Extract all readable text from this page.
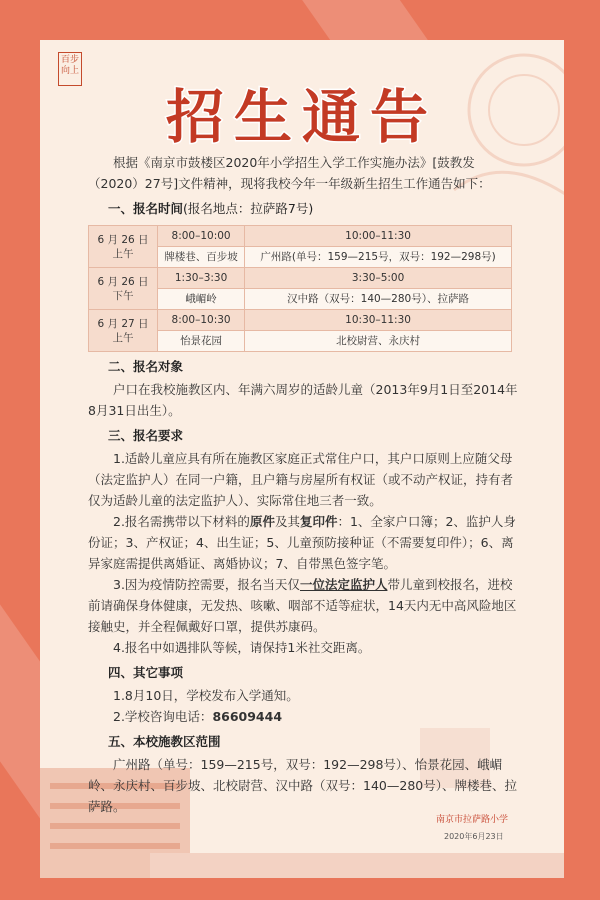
百步向上
招生通告

根据《南京市鼓楼区2020年小学招生入学工作实施办法》[鼓教发（2020）27号]文件精神，现将我校今年一年级新生招生工作通告如下：

一、报名时间(报名地点：拉萨路7号)
6 月 26 日
上午	8:00–10:00	10:00–11:30
	牌楼巷、百步坡	广州路(单号：159—215号，双号：192—298号)
6 月 26 日
下午	1:30–3:30	3:30–5:00
	峨嵋岭	汉中路（双号：140—280号）、拉萨路
6 月 27 日
上午	8:00–10:30	10:30–11:30
	怡景花园	北校尉营、永庆村
二、报名对象

户口在我校施教区内、年满六周岁的适龄儿童（2013年9月1日至2014年8月31日出生）。

三、报名要求

1.适龄儿童应具有所在施教区家庭正式常住户口，其户口原则上应随父母（法定监护人）在同一户籍，且户籍与房屋所有权证（或不动产权证，持有者仅为适龄儿童的法定监护人）、实际常住地三者一致。

2.报名需携带以下材料的原件及其复印件：1、全家户口簿；2、监护人身份证；3、产权证；4、出生证；5、儿童预防接种证（不需要复印件）；6、离异家庭需提供离婚证、离婚协议；7、自带黑色签字笔。

3.因为疫情防控需要，报名当天仅一位法定监护人带儿童到校报名，进校前请确保身体健康，无发热、咳嗽、咽部不适等症状，14天内无中高风险地区接触史，并全程佩戴好口罩，提供苏康码。

4.报名中如遇排队等候，请保持1米社交距离。

四、其它事项

1.8月10日，学校发布入学通知。

2.学校咨询电话：86609444

五、本校施教区范围

广州路（单号：159—215号，双号：192—298号）、怡景花园、峨嵋岭、永庆村、百步坡、北校尉营、汉中路（双号：140—280号）、牌楼巷、拉萨路。

南京市拉萨路小学
2020年6月23日
